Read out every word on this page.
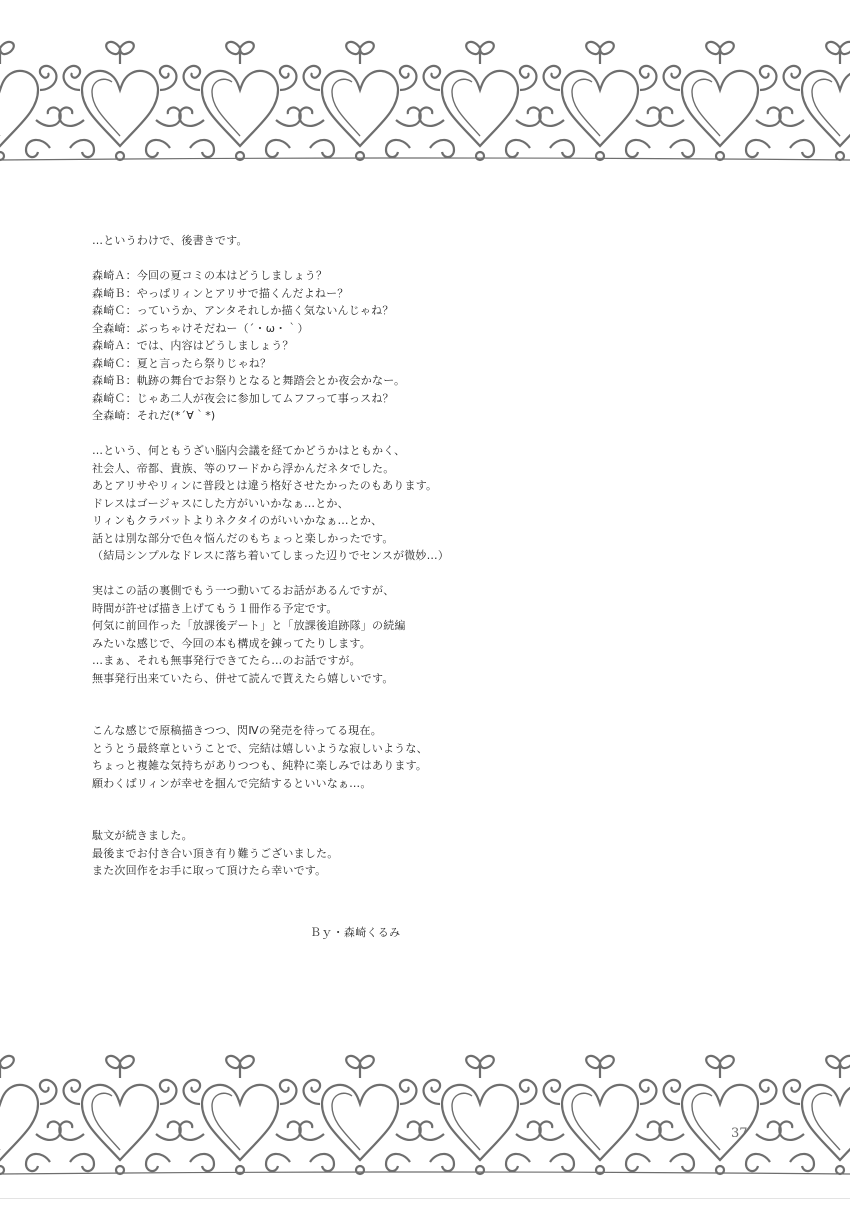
…というわけで、後書きです。
森崎Ａ：今回の夏コミの本はどうしましょう？
森崎Ｂ：やっぱリィンとアリサで描くんだよねー？
森崎Ｃ：っていうか、アンタそれしか描く気ないんじゃね？
全森崎：ぶっちゃけそだねー（´・ω・｀）
森崎Ａ：では、内容はどうしましょう？
森崎Ｃ：夏と言ったら祭りじゃね？
森崎Ｂ：軌跡の舞台でお祭りとなると舞踏会とか夜会かなー。
森崎Ｃ：じゃあ二人が夜会に参加してムフフって事っスね？
全森崎：それだ(*´∀｀*)
…という、何ともうざい脳内会議を経てかどうかはともかく、
社会人、帝都、貴族、等のワードから浮かんだネタでした。
あとアリサやリィンに普段とは違う格好させたかったのもあります。
ドレスはゴージャスにした方がいいかなぁ…とか、
リィンもクラバットよりネクタイのがいいかなぁ…とか、
話とは別な部分で色々悩んだのもちょっと楽しかったです。
（結局シンプルなドレスに落ち着いてしまった辺りでセンスが微妙…）
実はこの話の裏側でもう一つ動いてるお話があるんですが、
時間が許せば描き上げてもう１冊作る予定です。
何気に前回作った「放課後デート」と「放課後追跡隊」の続編
みたいな感じで、今回の本も構成を錬ってたりします。
…まぁ、それも無事発行できてたら…のお話ですが。
無事発行出来ていたら、併せて読んで貰えたら嬉しいです。
こんな感じで原稿描きつつ、閃Ⅳの発売を待ってる現在。
とうとう最終章ということで、完結は嬉しいような寂しいような、
ちょっと複雑な気持ちがありつつも、純粋に楽しみではあります。
願わくばリィンが幸せを掴んで完結するといいなぁ…。
駄文が続きました。
最後までお付き合い頂き有り難うございました。
また次回作をお手に取って頂けたら幸いです。
Ｂｙ・森崎くるみ
37
